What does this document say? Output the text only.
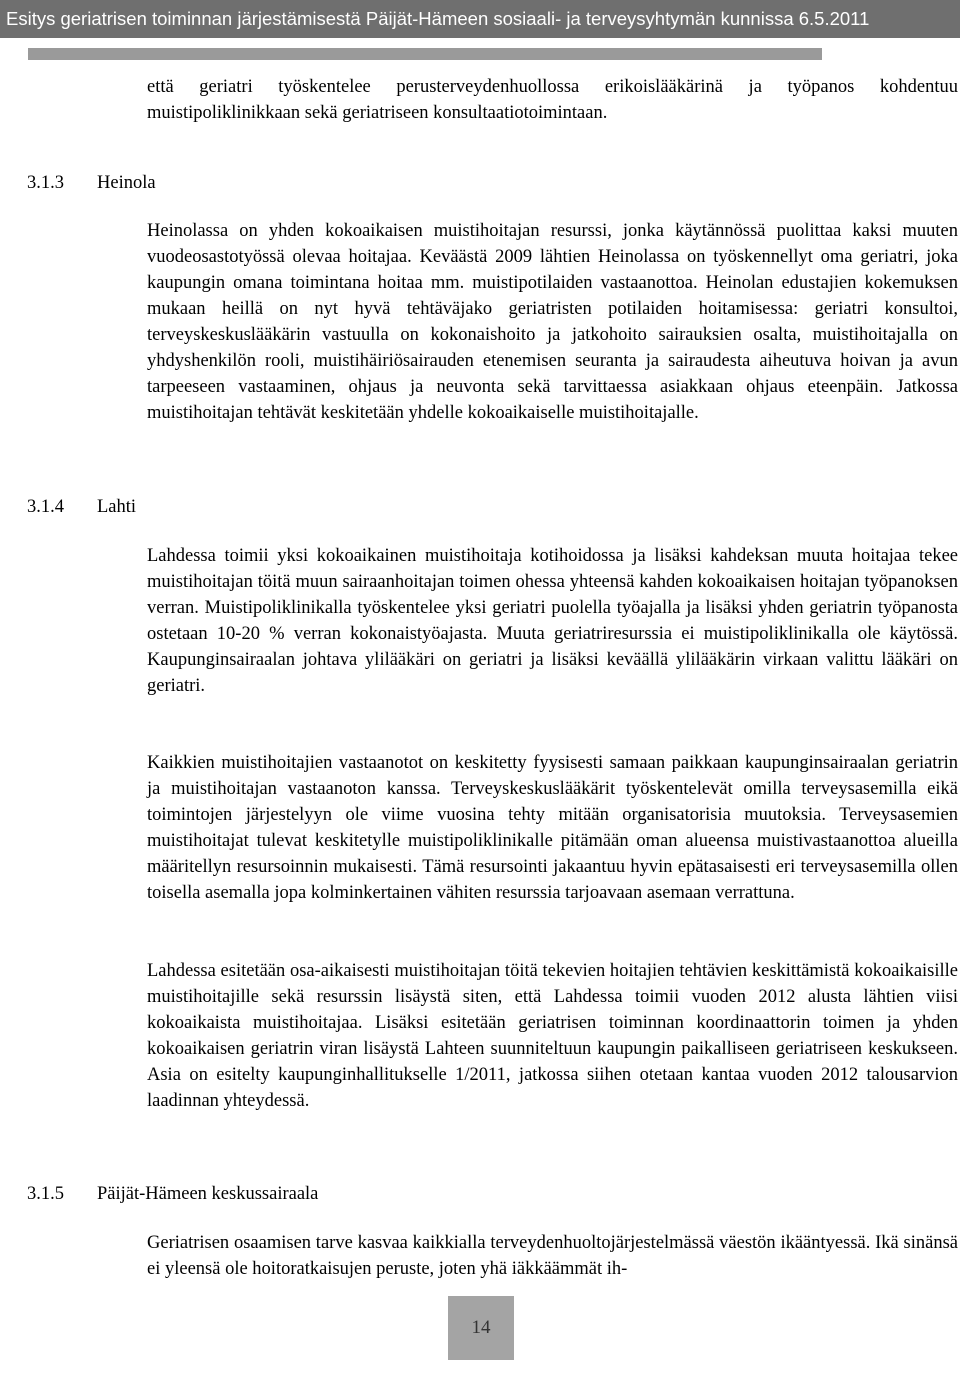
Esitys geriatrisen toiminnan järjestämisestä Päijät-Hämeen sosiaali- ja terveysyhtymän kunnissa 6.5.2011

että geriatri työskentelee perusterveydenhuollossa erikoislääkärinä ja työpanos kohdentuu muistipoliklinikkaan sekä geriatriseen konsultaatiotoimintaan.

3.1.3 Heinola

Heinolassa on yhden kokoaikaisen muistihoitajan resurssi, jonka käytännössä puolittaa kaksi muuten vuodeosastotyössä olevaa hoitajaa. Keväästä 2009 lähtien Heinolassa on työskennellyt oma geriatri, joka kaupungin omana toimintana hoitaa mm. muistipotilaiden vastaanottoa. Heinolan edustajien kokemuksen mukaan heillä on nyt hyvä tehtäväjako geriatristen potilaiden hoitamisessa: geriatri konsultoi, terveyskeskuslääkärin vastuulla on kokonaishoito ja jatkohoito sairauksien osalta, muistihoitajalla on yhdyshenkilön rooli, muistihäiriösairauden etenemisen seuranta ja sairaudesta aiheutuva hoivan ja avun tarpeeseen vastaaminen, ohjaus ja neuvonta sekä tarvittaessa asiakkaan ohjaus eteenpäin. Jatkossa muistihoitajan tehtävät keskitetään yhdelle kokoaikaiselle muistihoitajalle.

3.1.4 Lahti

Lahdessa toimii yksi kokoaikainen muistihoitaja kotihoidossa ja lisäksi kahdeksan muuta hoitajaa tekee muistihoitajan töitä muun sairaanhoitajan toimen ohessa yhteensä kahden kokoaikaisen hoitajan työpanoksen verran. Muistipoliklinikalla työskentelee yksi geriatri puolella työajalla ja lisäksi yhden geriatrin työpanosta ostetaan 10-20 % verran kokonaistyöajasta. Muuta geriatriresurssia ei muistipoliklinikalla ole käytössä. Kaupunginsairaalan johtava ylilääkäri on geriatri ja lisäksi keväällä ylilääkärin virkaan valittu lääkäri on geriatri.

Kaikkien muistihoitajien vastaanotot on keskitetty fyysisesti samaan paikkaan kaupunginsairaalan geriatrin ja muistihoitajan vastaanoton kanssa. Terveyskeskuslääkärit työskentelevät omilla terveysasemilla eikä toimintojen järjestelyyn ole viime vuosina tehty mitään organisatorisia muutoksia. Terveysasemien muistihoitajat tulevat keskitetylle muistipoliklinikalle pitämään oman alueensa muistivastaanottoa alueilla määritellyn resursoinnin mukaisesti. Tämä resursointi jakaantuu hyvin epätasaisesti eri terveysasemilla ollen toisella asemalla jopa kolminkertainen vähiten resurssia tarjoavaan asemaan verrattuna.

Lahdessa esitetään osa-aikaisesti muistihoitajan töitä tekevien hoitajien tehtävien keskittämistä kokoaikaisille muistihoitajille sekä resurssin lisäystä siten, että Lahdessa toimii vuoden 2012 alusta lähtien viisi kokoaikaista muistihoitajaa. Lisäksi esitetään geriatrisen toiminnan koordinaattorin toimen ja yhden kokoaikaisen geriatrin viran lisäystä Lahteen suunniteltuun kaupungin paikalliseen geriatriseen keskukseen. Asia on esitelty kaupunginhallitukselle 1/2011, jatkossa siihen otetaan kantaa vuoden 2012 talousarvion laadinnan yhteydessä.

3.1.5 Päijät-Hämeen keskussairaala

Geriatrisen osaamisen tarve kasvaa kaikkialla terveydenhuoltojärjestelmässä väestön ikääntyessä. Ikä sinänsä ei yleensä ole hoitoratkaisujen peruste, joten yhä iäkkäämmät ih-

14
